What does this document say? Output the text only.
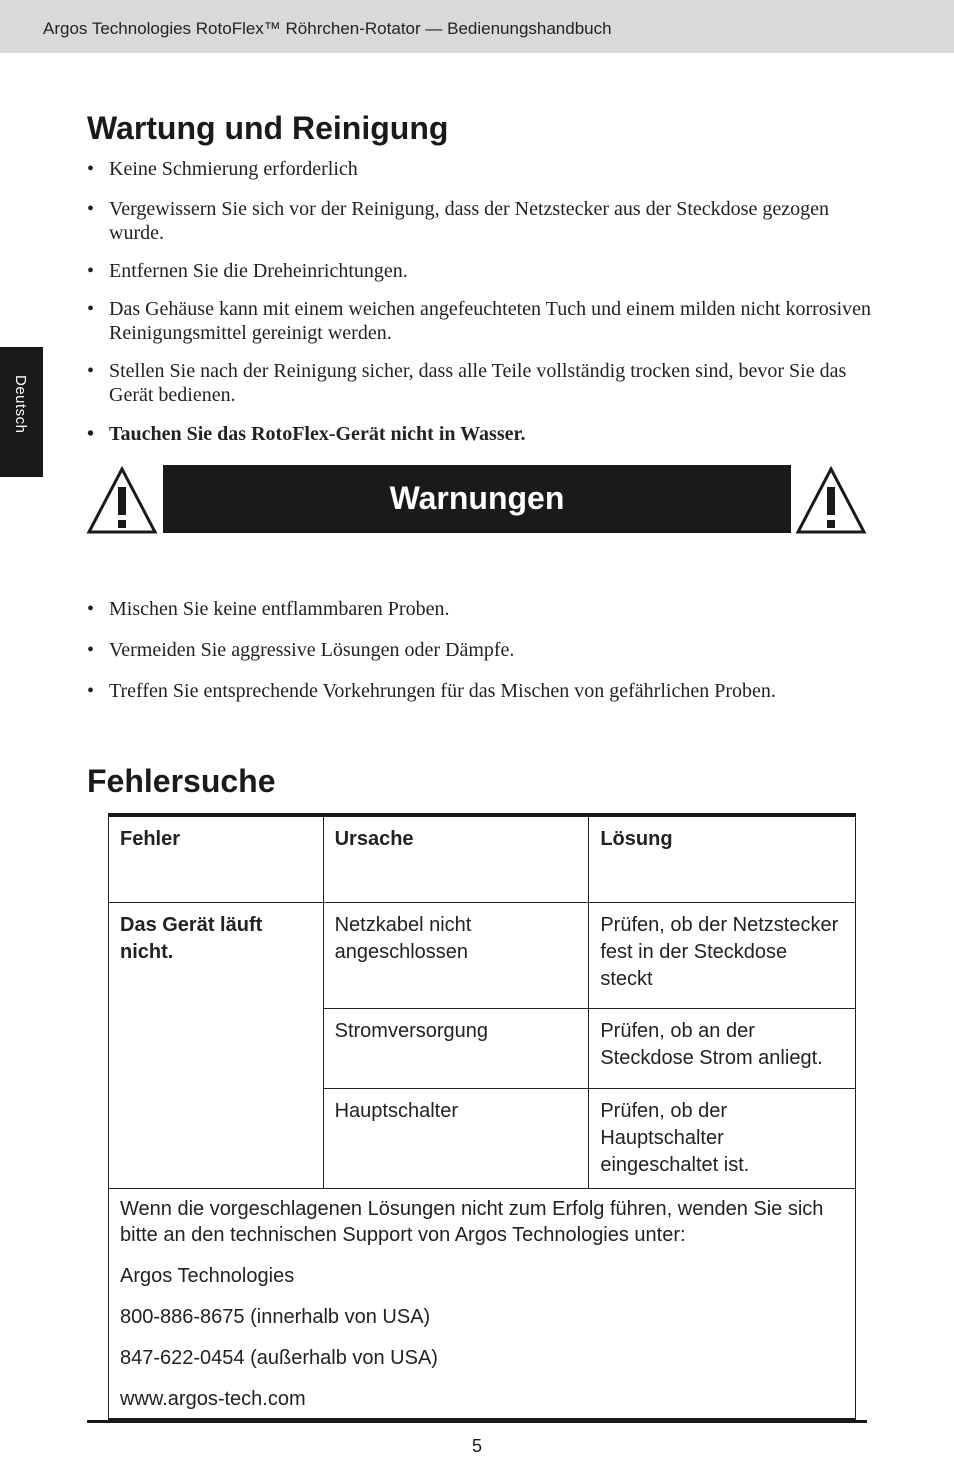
Argos Technologies RotoFlex™ Röhrchen-Rotator — Bedienungshandbuch
Deutsch
Wartung und Reinigung
• Keine Schmierung erforderlich
• Vergewissern Sie sich vor der Reinigung, dass der Netzstecker aus der Steckdose gezogen wurde.
• Entfernen Sie die Dreheinrichtungen.
• Das Gehäuse kann mit einem weichen angefeuchteten Tuch und einem milden nicht korrosiven Reinigungsmittel gereinigt werden.
• Stellen Sie nach der Reinigung sicher, dass alle Teile vollständig trocken sind, bevor Sie das Gerät bedienen.
• Tauchen Sie das RotoFlex-Gerät nicht in Wasser.
Warnungen
• Mischen Sie keine entflammbaren Proben.
• Vermeiden Sie aggressive Lösungen oder Dämpfe.
• Treffen Sie entsprechende Vorkehrungen für das Mischen von gefährlichen Proben.
Fehlersuche
Fehler	Ursache	Lösung
Das Gerät läuft nicht.	Netzkabel nicht angeschlossen	Prüfen, ob der Netzstecker fest in der Steckdose steckt
	Stromversorgung	Prüfen, ob an der Steckdose Strom anliegt.
	Hauptschalter	Prüfen, ob der Hauptschalter eingeschaltet ist.

Wenn die vorgeschlagenen Lösungen nicht zum Erfolg führen, wenden Sie sich bitte an den technischen Support von Argos Technologies unter:

Argos Technologies

800-886-8675 (innerhalb von USA)

847-622-0454 (außerhalb von USA)

www.argos-tech.com		

5
